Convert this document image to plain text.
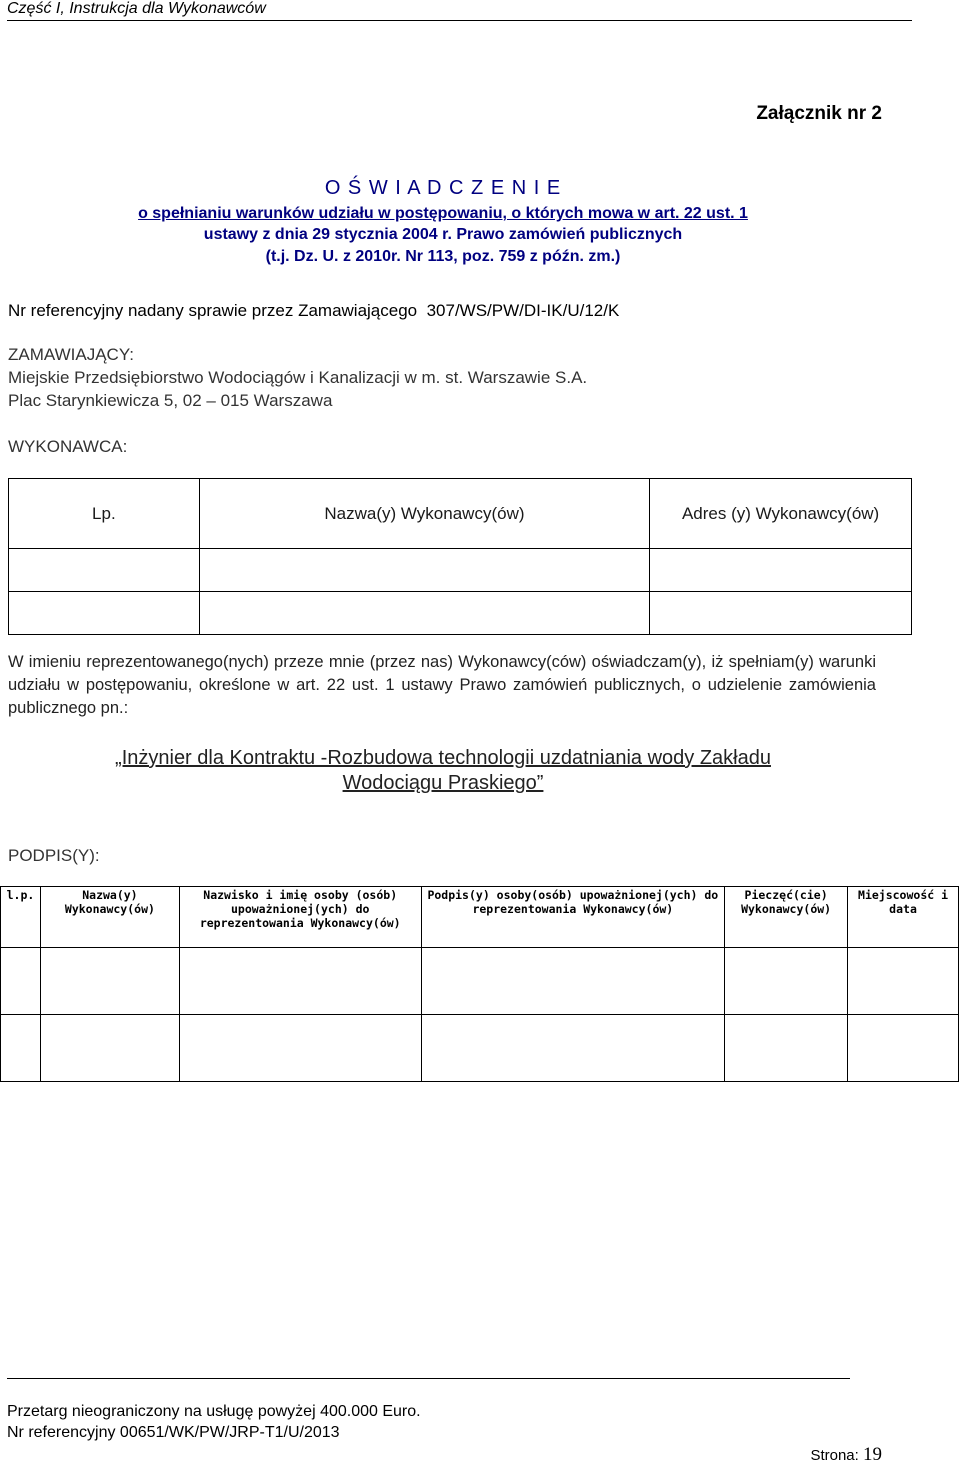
Część I, Instrukcja dla Wykonawców
Załącznik nr 2
O Ś W I A D C Z E N I E
o spełnianiu warunków udziału w postępowaniu, o których mowa w art. 22 ust. 1
ustawy z dnia 29 stycznia 2004 r. Prawo zamówień publicznych
(t.j. Dz. U. z 2010r. Nr 113, poz. 759 z późn. zm.)
Nr referencyjny nadany sprawie przez Zamawiającego  307/WS/PW/DI-IK/U/12/K
ZAMAWIAJĄCY:
Miejskie Przedsiębiorstwo Wodociągów i Kanalizacji w m. st. Warszawie S.A.
Plac Starynkiewicza 5, 02 – 015 Warszawa
WYKONAWCA:
Lp.	Nazwa(y) Wykonawcy(ów)	Adres (y) Wykonawcy(ów)

W imieniu reprezentowanego(nych) przeze mnie (przez nas) Wykonawcy(ców) oświadczam(y), iż spełniam(y) warunki udziału w postępowaniu, określone w art. 22 ust. 1 ustawy Prawo zamówień publicznych, o udzielenie zamówienia publicznego pn.:
„Inżynier dla Kontraktu -Rozbudowa technologii uzdatniania wody Zakładu
Wodociągu Praskiego”
PODPIS(Y):
l.p.	Nazwa(y) Wykonawcy(ów)	Nazwisko i imię osoby (osób) upoważnionej(ych) do reprezentowania Wykonawcy(ów)	Podpis(y) osoby(osób) upoważnionej(ych) do reprezentowania Wykonawcy(ów)	Pieczęć(cie) Wykonawcy(ów)	Miejscowość i data

Przetarg nieograniczony na usługę powyżej 400.000 Euro.
Nr referencyjny 00651/WK/PW/JRP-T1/U/2013
Strona: 19
